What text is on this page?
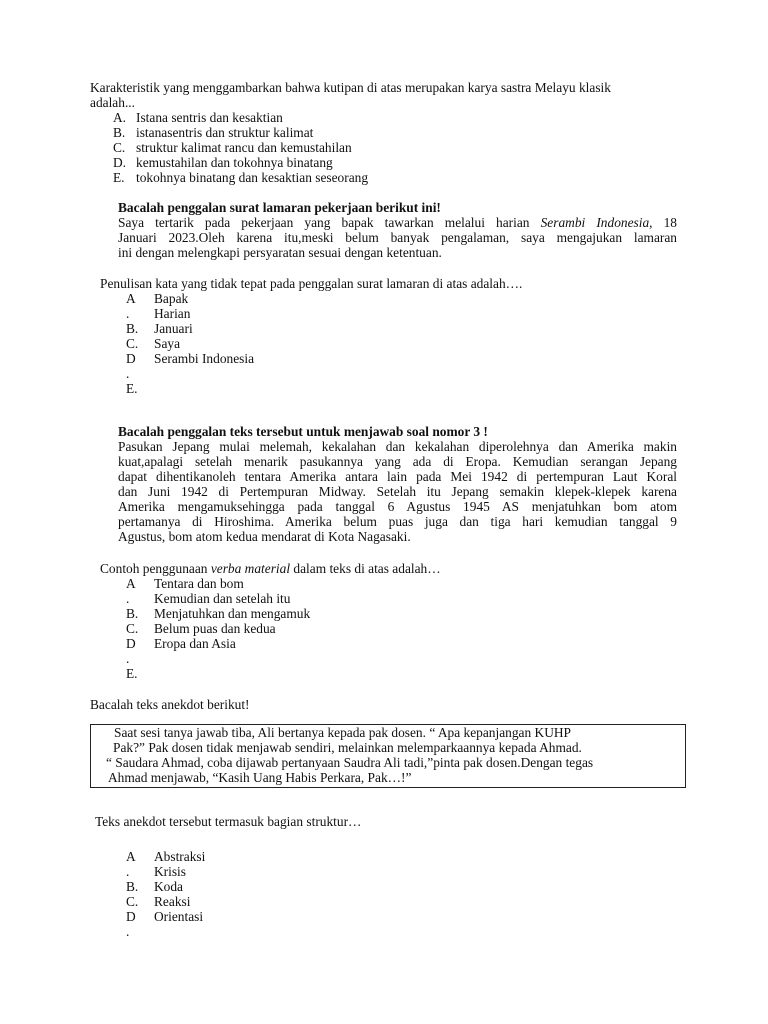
Karakteristik yang menggambarkan bahwa kutipan di atas merupakan karya sastra Melayu klasik
adalah...
A. Istana sentris dan kesaktian
B. istanasentris dan struktur kalimat
C. struktur kalimat rancu dan kemustahilan
D. kemustahilan dan tokohnya binatang
E. tokohnya binatang dan kesaktian seseorang
Bacalah penggalan surat lamaran pekerjaan berikut ini!
Saya tertarik pada pekerjaan yang bapak tawarkan melalui harian Serambi Indonesia, 18
Januari 2023.Oleh karena itu,meski belum banyak pengalaman, saya mengajukan lamaran
ini dengan melengkapi persyaratan sesuai dengan ketentuan.
Penulisan kata yang tidak tepat pada penggalan surat lamaran di atas adalah….
A
.
B.
C.
D
.
E.
Bapak
Harian
Januari
Saya
Serambi Indonesia
Bacalah penggalan teks tersebut untuk menjawab soal nomor 3 !
Pasukan Jepang mulai melemah, kekalahan dan kekalahan diperolehnya dan Amerika makin
kuat,apalagi setelah menarik pasukannya yang ada di Eropa. Kemudian serangan Jepang
dapat dihentikanoleh tentara Amerika antara lain pada Mei 1942 di pertempuran Laut Koral
dan Juni 1942 di Pertempuran Midway. Setelah itu Jepang semakin klepek-klepek karena
Amerika mengamuksehingga pada tanggal 6 Agustus 1945 AS menjatuhkan bom atom
pertamanya di Hiroshima. Amerika belum puas juga dan tiga hari kemudian tanggal 9
Agustus, bom atom kedua mendarat di Kota Nagasaki.
Contoh penggunaan verba material dalam teks di atas adalah…
A
.
B.
C.
D
.
E.
Tentara dan bom
Kemudian dan setelah itu
Menjatuhkan dan mengamuk
Belum puas dan kedua
Eropa dan Asia
Bacalah teks anekdot berikut!
Saat sesi tanya jawab tiba, Ali bertanya kepada pak dosen. “ Apa kepanjangan KUHP
Pak?” Pak dosen tidak menjawab sendiri, melainkan melemparkaannya kepada Ahmad.
“ Saudara Ahmad, coba dijawab pertanyaan Saudra Ali tadi,”pinta pak dosen.Dengan tegas
Ahmad menjawab, “Kasih Uang Habis Perkara, Pak…!”
Teks anekdot tersebut termasuk bagian struktur…
A
.
B.
C.
D
.
Abstraksi
Krisis
Koda
Reaksi
Orientasi
